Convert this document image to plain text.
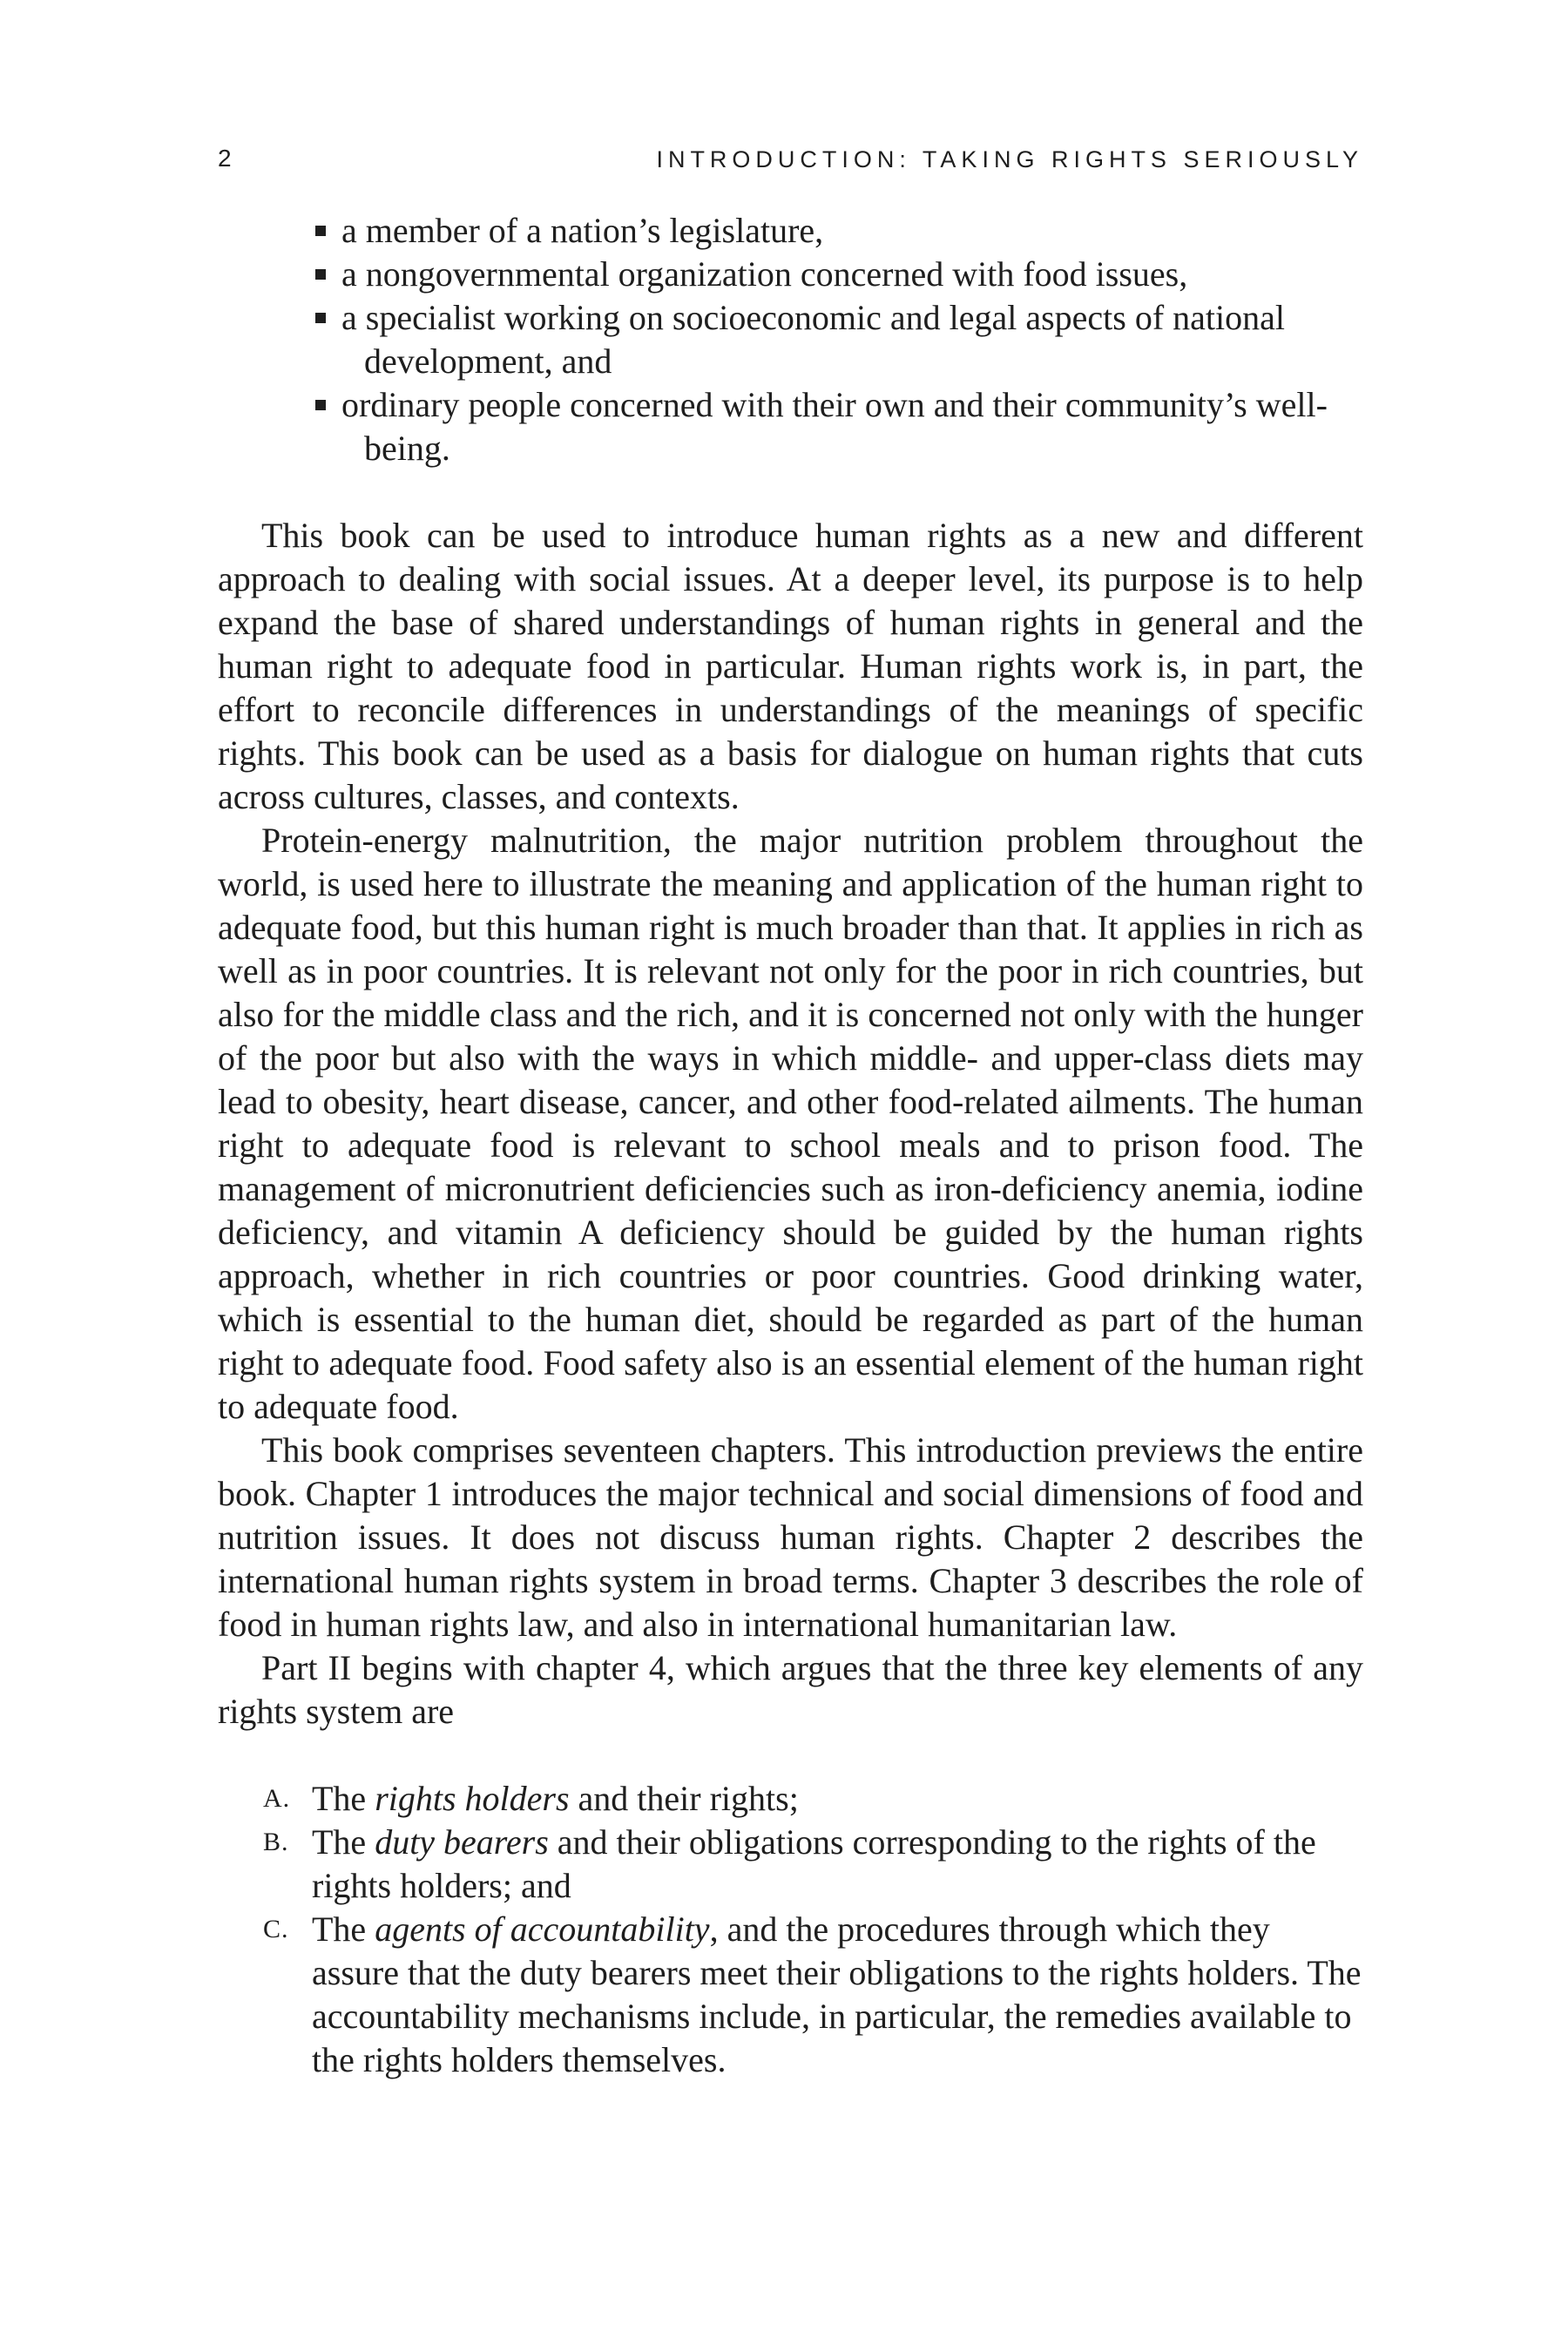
2	INTRODUCTION: TAKING RIGHTS SERIOUSLY
a member of a nation’s legislature,
a nongovernmental organization concerned with food issues,
a specialist working on socioeconomic and legal aspects of national development, and
ordinary people concerned with their own and their community’s well-being.

This book can be used to introduce human rights as a new and different approach to dealing with social issues. At a deeper level, its purpose is to help expand the base of shared understandings of human rights in general and the human right to adequate food in particular. Human rights work is, in part, the effort to reconcile differences in understandings of the meanings of specific rights. This book can be used as a basis for dialogue on human rights that cuts across cultures, classes, and contexts.

Protein-energy malnutrition, the major nutrition problem throughout the world, is used here to illustrate the meaning and application of the human right to adequate food, but this human right is much broader than that. It applies in rich as well as in poor countries. It is relevant not only for the poor in rich countries, but also for the middle class and the rich, and it is concerned not only with the hunger of the poor but also with the ways in which middle- and upper-class diets may lead to obesity, heart disease, cancer, and other food-related ailments. The human right to adequate food is relevant to school meals and to prison food. The management of micronutrient deficiencies such as iron-deficiency anemia, iodine deficiency, and vitamin A deficiency should be guided by the human rights approach, whether in rich countries or poor countries. Good drinking water, which is essential to the human diet, should be regarded as part of the human right to adequate food. Food safety also is an essential element of the human right to adequate food.

This book comprises seventeen chapters. This introduction previews the entire book. Chapter 1 introduces the major technical and social dimensions of food and nutrition issues. It does not discuss human rights. Chapter 2 describes the international human rights system in broad terms. Chapter 3 describes the role of food in human rights law, and also in international humanitarian law.

Part II begins with chapter 4, which argues that the three key elements of any rights system are

A. The rights holders and their rights;
B. The duty bearers and their obligations corresponding to the rights of the rights holders; and
C. The agents of accountability, and the procedures through which they assure that the duty bearers meet their obligations to the rights holders. The accountability mechanisms include, in particular, the remedies available to the rights holders themselves.
